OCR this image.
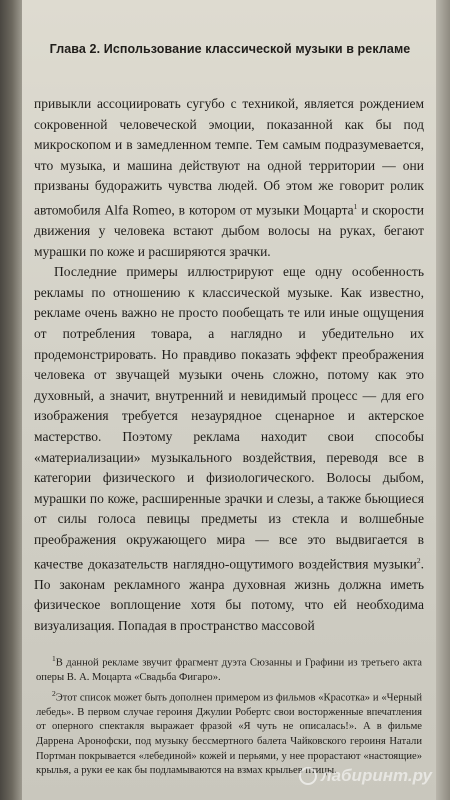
Глава 2. Использование классической музыки в рекламе

привыкли ассоциировать сугубо с техникой, является рождением сокровенной человеческой эмоции, показанной как бы под микроскопом и в замедленном темпе. Тем самым подразумевается, что музыка, и машина действуют на одной территории — они призваны будоражить чувства людей. Об этом же говорит ролик автомобиля Alfa Romeo, в котором от музыки Моцарта$^1$ и скорости движения у человека встают дыбом волосы на руках, бегают мурашки по коже и расширяются зрачки.

Последние примеры иллюстрируют еще одну особенность рекламы по отношению к классической музыке. Как известно, рекламе очень важно не просто пообещать те или иные ощущения от потребления товара, а наглядно и убедительно их продемонстрировать. Но правдиво показать эффект преображения человека от звучащей музыки очень сложно, потому как это духовный, а значит, внутренний и невидимый процесс — для его изображения требуется незаурядное сценарное и актерское мастерство. Поэтому реклама находит свои способы «материализации» музыкального воздействия, переводя все в категории физического и физиологического. Волосы дыбом, мурашки по коже, расширенные зрачки и слезы, а также бьющиеся от силы голоса певицы предметы из стекла и волшебные преображения окружающего мира — все это выдвигается в качестве доказательств наглядно-ощутимого воздействия музыки$^2$. По законам рекламного жанра духовная жизнь должна иметь физическое воплощение хотя бы потому, что ей необходима визуализация. Попадая в пространство массовой

$^1$В данной рекламе звучит фрагмент дуэта Сюзанны и Графини из третьего акта оперы В. А. Моцарта «Свадьба Фигаро».

$^2$Этот список может быть дополнен примером из фильмов «Красотка» и «Черный лебедь». В первом случае героиня Джулии Робертс свои восторженные впечатления от оперного спектакля выражает фразой «Я чуть не описалась!». А в фильме Даррена Аронофски, под музыку бессмертного балета Чайковского героиня Натали Портман покрывается «лебединой» кожей и перьями, у нее прорастают «настоящие» крылья, а руки ее как бы подламываются на взмах крыльев птицы.

лабиринт.ру
